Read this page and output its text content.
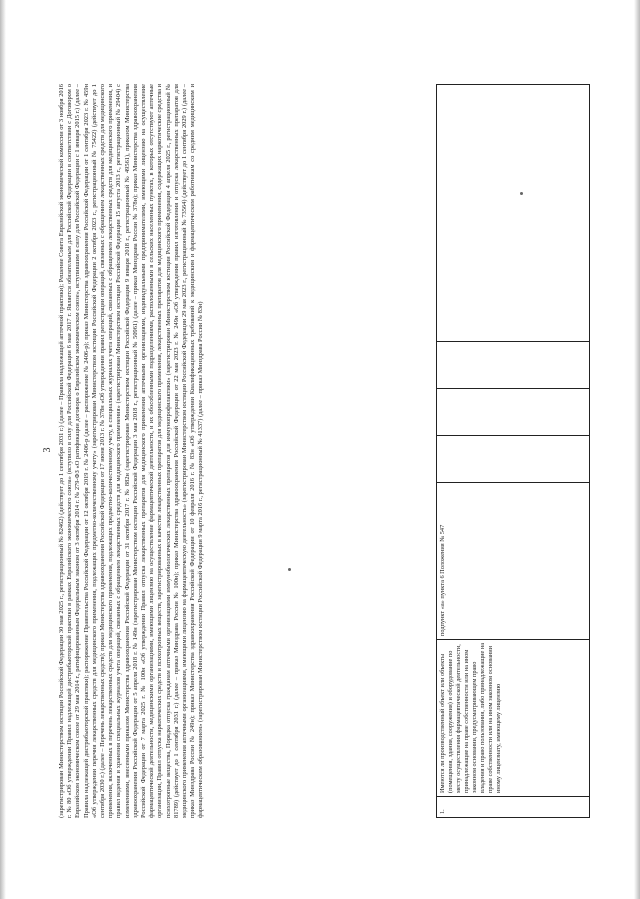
3 (зарегистрирован Министерством юстиции Российской Федерации 30 мая 2025 г., регистрационный № 82462) (действует до 1 сентября 2031 г.) (далее – Правила надлежащей аптечной практики); Решение Совета Евразийской экономической комиссии от 3 ноября 2016 г. № 80 «Об утверждении Правил надлежащей дистрибьюторской практики в рамках Евразийского экономического союза» (вступило в силу для Российской Федерации 6 мая 2017 г. Является обязательным для Российской Федерации в соответствии с Договором о Евразийском экономическом союзе от 29 мая 2014 г., ратифицированным Федеральным законом от 3 октября 2014 г. № 279-ФЗ «О ратификации договора о Евразийском экономическом союзе», вступившим в силу для Российской Федерации с 1 января 2015 г.) (далее – Правила надлежащей дистрибьюторской практики); распоряжение Правительства Российской Федерации от 12 октября 2019 г. № 2406-р (далее – распоряжение № 2406-р); приказ Министерства здравоохранения Российской Федерации от 1 сентября 2023 г. № 459н «Об утверждении перечня лекарственных средств для медицинского применения, подлежащих предметно-количественному учету» (зарегистрирован Министерством юстиции Российской Федерации 2 октября 2023 г., регистрационный № 75422) (действует до 1 сентября 2030 г.) (далее – Перечень лекарственных средств); приказ Министерства здравоохранения Российской Федерации от 17 июня 2013 г. № 378н «Об утверждении правил регистрации операций, связанных с обращением лекарственных средств для медицинского применения, включенных в перечень лекарственных средств для медицинского применения, подлежащих предметно-количественному учету, в специальных журналах учета операций, связанных с обращением лекарственных средств для медицинского применения, и правил ведения и хранения специальных журналов учета операций, связанных с обращением лекарственных средств для медицинского применения» (зарегистрирован Министерством юстиции Российской Федерации 15 августа 2013 г., регистрационный № 29404) с изменениями, внесенными приказом Министерства здравоохранения Российской Федерации от 31 октября 2017 г. № 882н (зарегистрирован Министерством юстиции Российской Федерации 9 января 2018 г., регистрационный № 49561), приказом Министерства здравоохранения Российской Федерации от 5 апреля 2018 г. № 149н (зарегистрирован Министерством юстиции Российской Федерации 3 мая 2018 г., регистрационный № 50961) (далее – приказ Минздрава России № 378н); приказ Министерства здравоохранения Российской Федерации от 7 марта 2025 г. № 100н «Об утверждении Правил отпуска лекарственных препаратов для медицинского применения аптечными организациями, индивидуальными предпринимателями, имеющими лицензию на осуществление фармацевтической деятельности, медицинскими организациями, имеющими лицензию на осуществление фармацевтической деятельности, и их обособленными подразделениями, расположенными в сельских населенных пунктах, в которых отсутствуют аптечные организации, Правил отпуска наркотических средств и психотропных веществ, зарегистрированных в качестве лекарственных препаратов для медицинского применения, лекарственных препаратов для медицинского применения, содержащих наркотические средства и психотропные вещества, Порядка отпуска гражданам аптечными организациями иммунобиологических лекарственных препаратов для иммунопрофилактики» (зарегистрирован Министерством юстиции Российской Федерации 4 апреля 2025 г., регистрационный № 81789) (действует до 1 сентября 2031 г.) (далее – приказ Минздрава России № 100н); приказ Министерства здравоохранения Российской Федерации от 22 мая 2023 г. № 249н «Об утверждении правил изготовления и отпуска лекарственных препаратов для медицинского применения аптечными организациями, имеющими лицензию на фармацевтическую деятельность» (зарегистрирован Министерством юстиции Российской Федерации 29 мая 2023 г., регистрационный № 73564) (действует до 1 сентября 2029 г.) (далее – приказ Минздрава России № 249н); приказ Министерства здравоохранения Российской Федерации от 10 февраля 2016 г. № 83н «Об утверждении Квалификационных требований к медицинским и фармацевтическим работникам со средним медицинским и фармацевтическим образованием» (зарегистрирован Министерством юстиции Российской Федерации 9 марта 2016 г., регистрационный № 41337) (далее – приказ Минздрава России № 83н)	1.	Имеются ли производственный объект или объекты (помещения, здания, сооружения) и оборудование по месту осуществления фармацевтической деятельности, принадлежащие на праве собственности или на ином законном основании, предусматривающем право владения и право пользования, либо принадлежащие на праве собственности или на ином законном основании иному лицензиату, имеющему лицензию	подпункт «а» пункта 6 Положения № 547				
